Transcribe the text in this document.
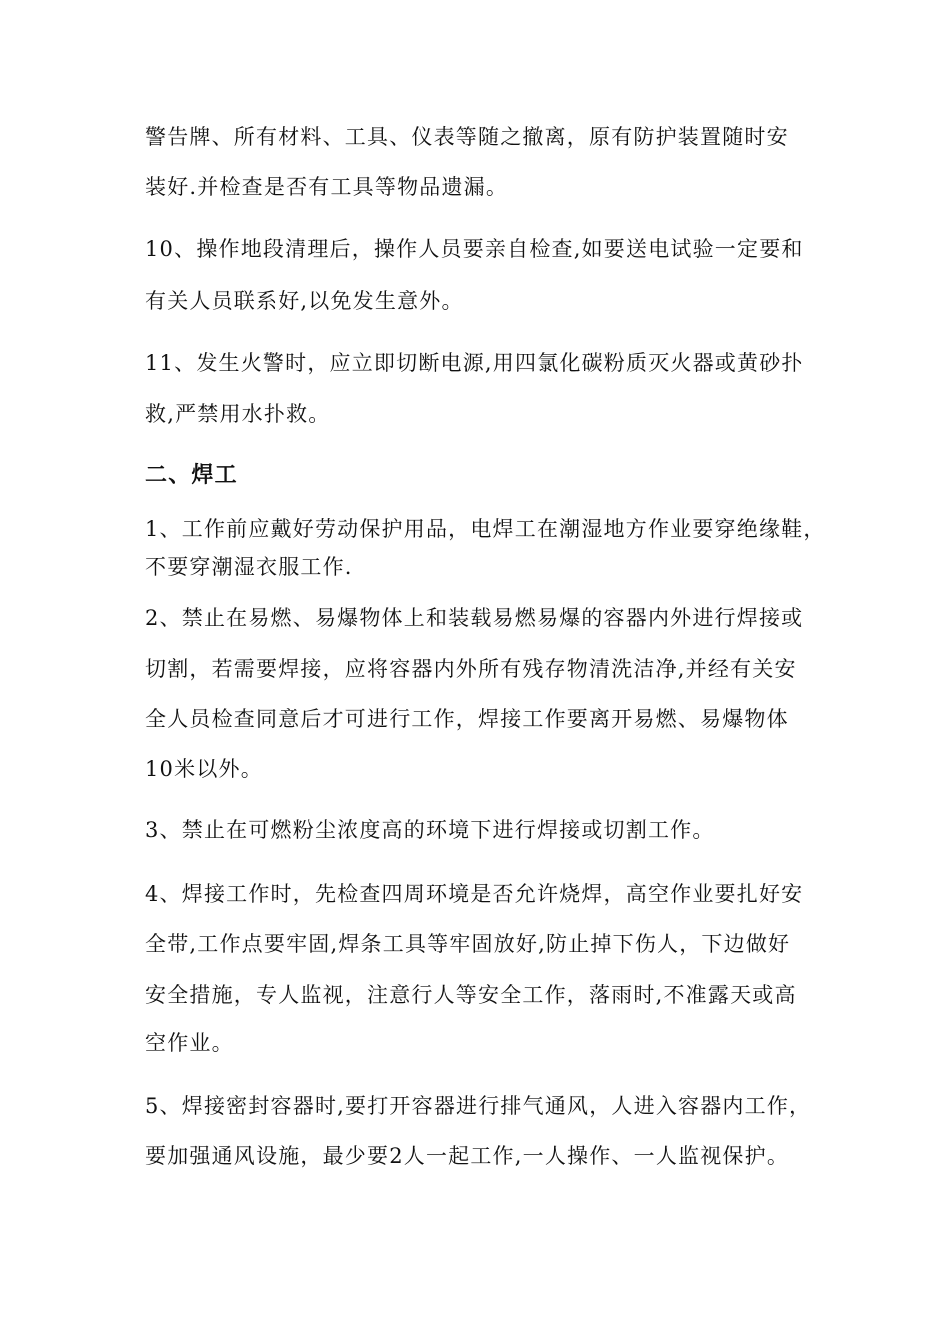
警告牌、所有材料、工具、仪表等随之撤离，原有防护装置随时安
装好.并检查是否有工具等物品遗漏。
10、操作地段清理后，操作人员要亲自检查,如要送电试验一定要和
有关人员联系好,以免发生意外。
11、发生火警时，应立即切断电源,用四氯化碳粉质灭火器或黄砂扑
救,严禁用水扑救。
二、焊工
1、工作前应戴好劳动保护用品，电焊工在潮湿地方作业要穿绝缘鞋，
不要穿潮湿衣服工作.
2、禁止在易燃、易爆物体上和装载易燃易爆的容器内外进行焊接或
切割，若需要焊接，应将容器内外所有残存物清洗洁净,并经有关安
全人员检查同意后才可进行工作，焊接工作要离开易燃、易爆物体
10米以外。
3、禁止在可燃粉尘浓度高的环境下进行焊接或切割工作。
4、焊接工作时，先检查四周环境是否允许烧焊，高空作业要扎好安
全带,工作点要牢固,焊条工具等牢固放好,防止掉下伤人，下边做好
安全措施，专人监视，注意行人等安全工作，落雨时,不准露天或高
空作业。
5、焊接密封容器时,要打开容器进行排气通风，人进入容器内工作，
要加强通风设施，最少要2人一起工作,一人操作、一人监视保护。
